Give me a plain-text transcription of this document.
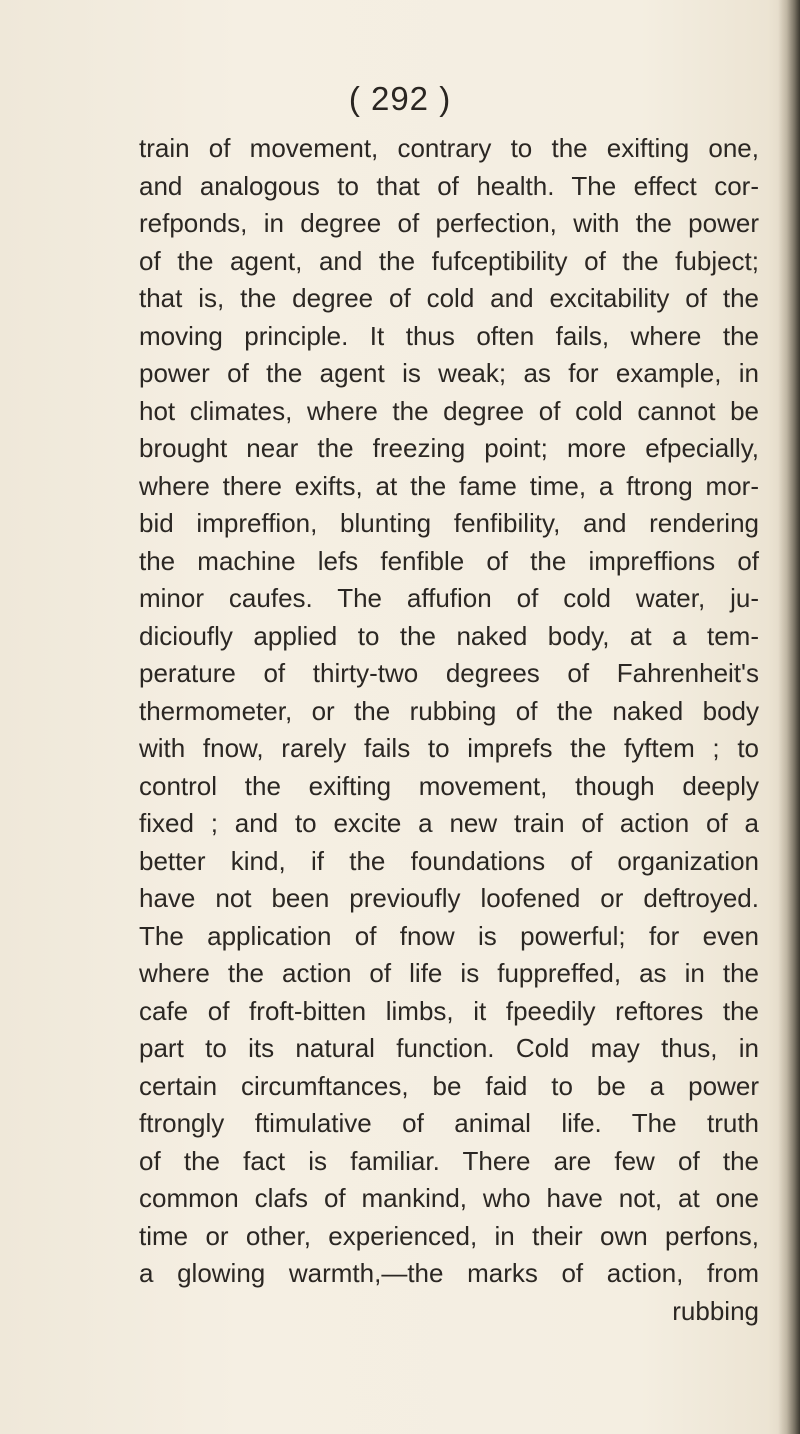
( 292 )
train of movement, contrary to the exifting one,
and analogous to that of health. The effect cor-
refponds, in degree of perfection, with the power
of the agent, and the fufceptibility of the fubject;
that is, the degree of cold and excitability of the
moving principle. It thus often fails, where the
power of the agent is weak; as for example, in
hot climates, where the degree of cold cannot be
brought near the freezing point; more efpecially,
where there exifts, at the fame time, a ftrong mor-
bid impreffion, blunting fenfibility, and rendering
the machine lefs fenfible of the impreffions of
minor caufes. The affufion of cold water, ju-
dicioufly applied to the naked body, at a tem-
perature of thirty-two degrees of Fahrenheit's
thermometer, or the rubbing of the naked body
with fnow, rarely fails to imprefs the fyftem ; to
control the exifting movement, though deeply
fixed ; and to excite a new train of action of a
better kind, if the foundations of organization
have not been previoufly loofened or deftroyed.
The application of fnow is powerful; for even
where the action of life is fuppreffed, as in the
cafe of froft-bitten limbs, it fpeedily reftores the
part to its natural function. Cold may thus, in
certain circumftances, be faid to be a power
ftrongly ftimulative of animal life. The truth
of the fact is familiar. There are few of the
common clafs of mankind, who have not, at one
time or other, experienced, in their own perfons,
a glowing warmth,—the marks of action, from
rubbing
